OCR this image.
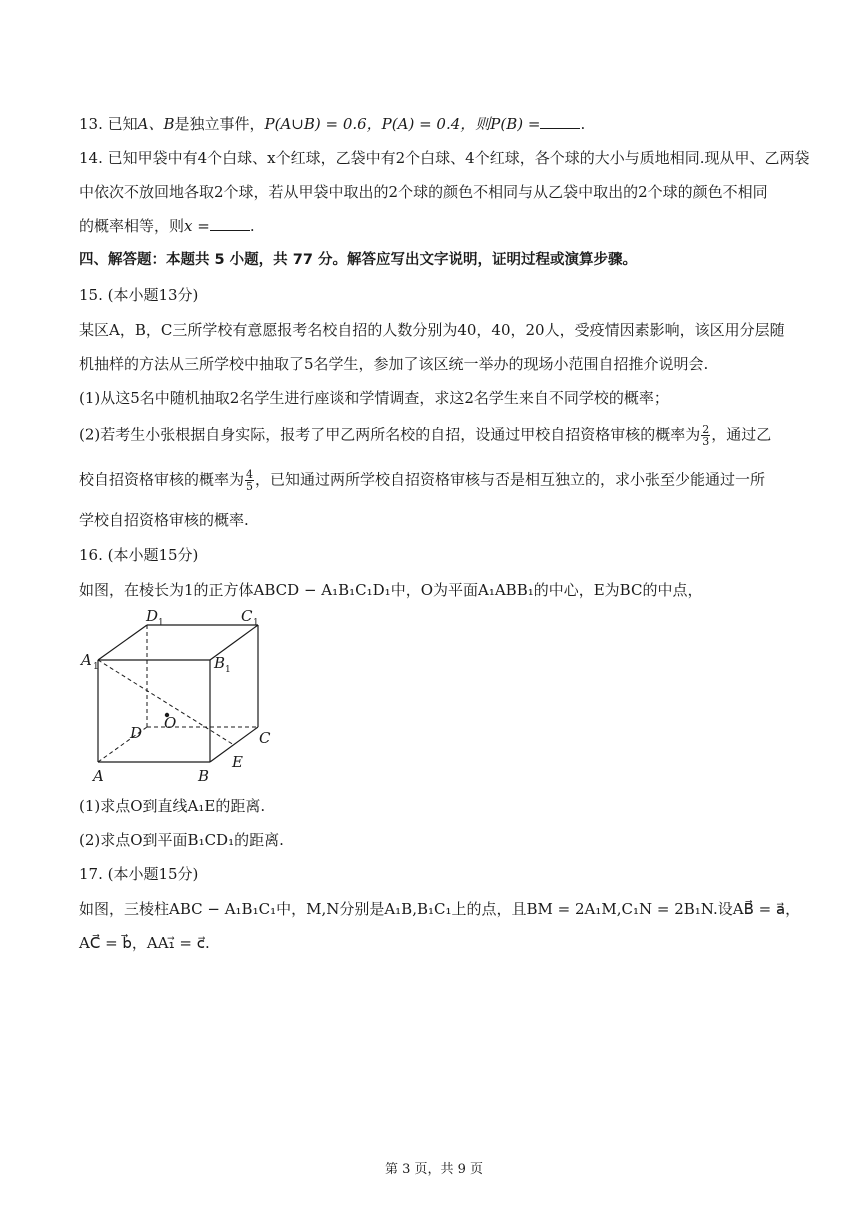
13. 已知A、B是独立事件，P(A∪B) = 0.6，P(A) = 0.4，则P(B) =	.
14. 已知甲袋中有4个白球、x个红球，乙袋中有2个白球、4个红球，各个球的大小与质地相同.现从甲、乙两袋
中依次不放回地各取2个球，若从甲袋中取出的2个球的颜色不相同与从乙袋中取出的2个球的颜色不相同
的概率相等，则x =	.
四、解答题：本题共 5 小题，共 77 分。解答应写出文字说明，证明过程或演算步骤。
15. (本小题13分)
某区A，B，C三所学校有意愿报考名校自招的人数分别为40，40，20人，受疫情因素影响，该区用分层随
机抽样的方法从三所学校中抽取了5名学生，参加了该区统一举办的现场小范围自招推介说明会.
(1)从这5名中随机抽取2名学生进行座谈和学情调查，求这2名学生来自不同学校的概率；
(2)若考生小张根据自身实际，报考了甲乙两所名校的自招，设通过甲校自招资格审核的概率为 $\frac{2}{3}$ ，通过乙
校自招资格审核的概率为 $\frac{4}{5}$ ，已知通过两所学校自招资格审核与否是相互独立的，求小张至少能通过一所
学校自招资格审核的概率.
16. (本小题15分)
如图，在棱长为1的正方体ABCD − A₁B₁C₁D₁中，O为平面A₁ABB₁的中心，E为BC的中点，
A 1
D 1	C 1
B 1
O
D	C
E
A	B
(1)求点O到直线A₁E的距离.
(2)求点O到平面B₁CD₁的距离.
17. (本小题15分)
如图，三棱柱ABC − A₁B₁C₁中，M,N分别是A₁B,B₁C₁上的点，且BM = 2A₁M,C₁N = 2B₁N.设AB⃗ = a⃗，
AC⃗ = b⃗，AA₁⃗ = c⃗.
第 3 页，共 9 页
